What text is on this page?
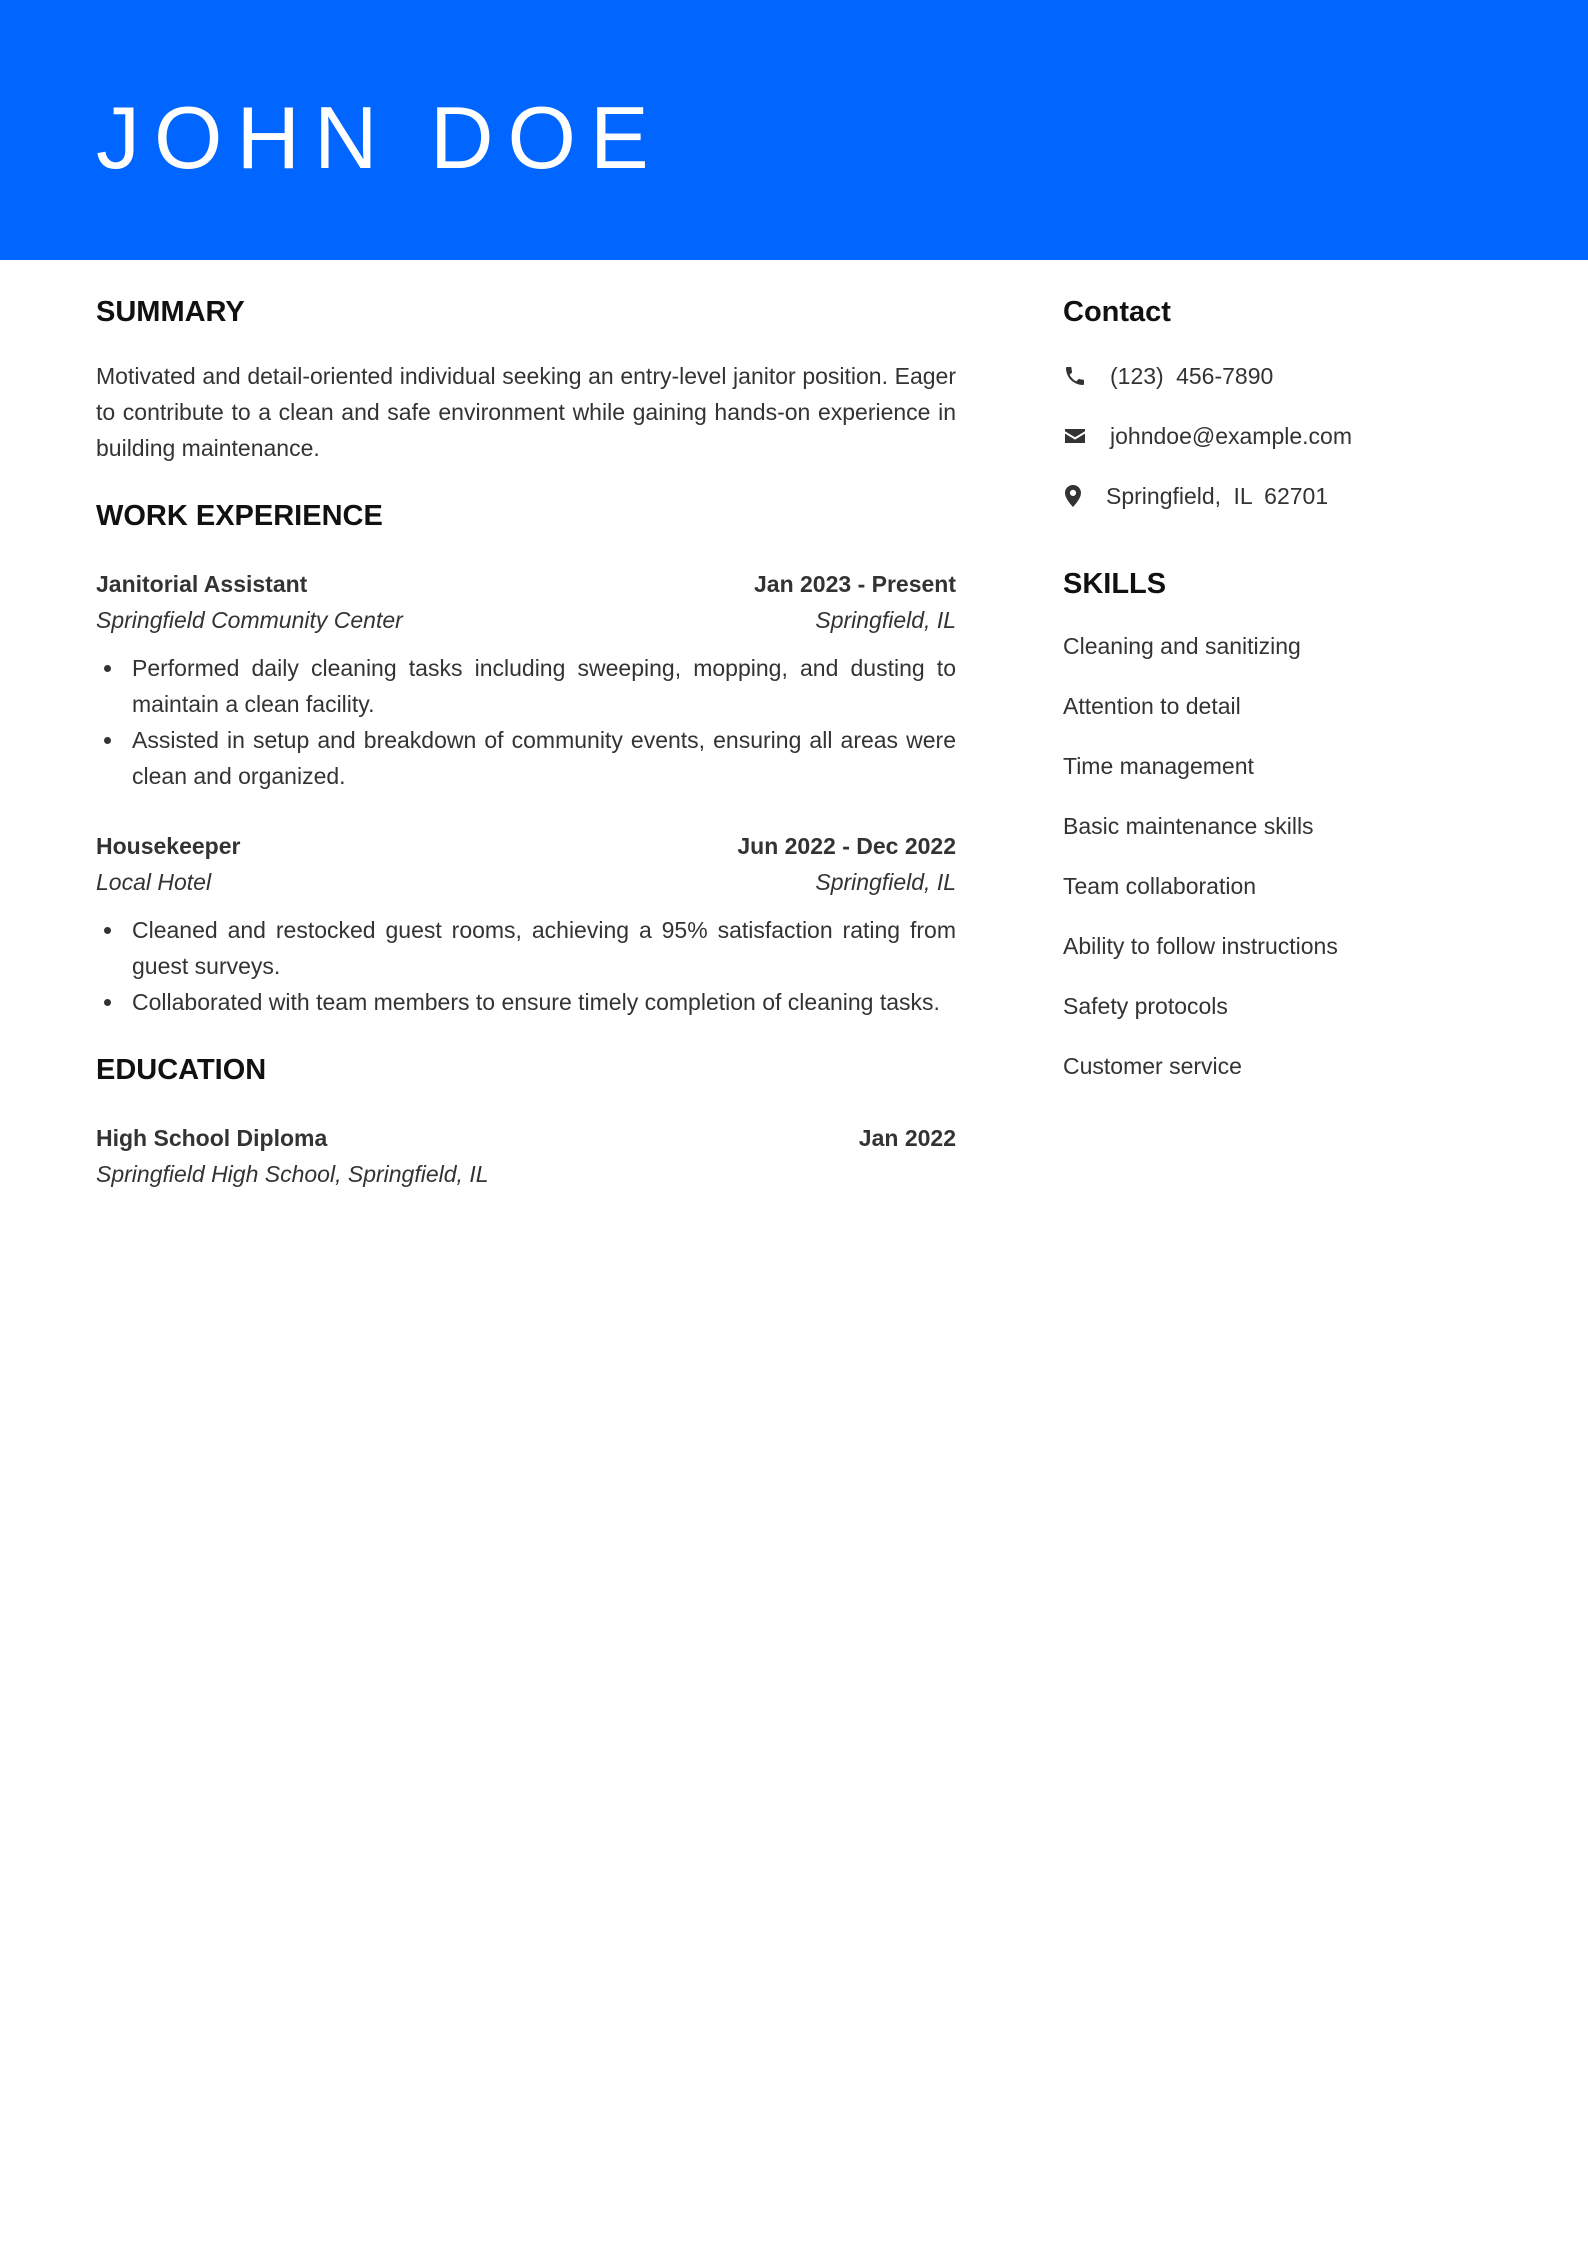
JOHN DOE
SUMMARY

Motivated and detail-oriented individual seeking an entry-level janitor position. Eager to contribute to a clean and safe environment while gaining hands-on experience in building maintenance.

WORK EXPERIENCE
Janitorial Assistant	Jan 2023 - Present
Springfield Community Center	Springfield, IL
Performed daily cleaning tasks including sweeping, mopping, and dusting to maintain a clean facility.
Assisted in setup and breakdown of community events, ensuring all areas were clean and organized.
Housekeeper	Jun 2022 - Dec 2022
Local Hotel	Springfield, IL
Cleaned and restocked guest rooms, achieving a 95% satisfaction rating from guest surveys.
Collaborated with team members to ensure timely completion of cleaning tasks.
EDUCATION
High School Diploma	Jan 2022
Springfield High School, Springfield, IL
Contact
(123) 456-7890
johndoe@example.com
Springfield, IL 62701
SKILLS
Cleaning and sanitizing
Attention to detail
Time management
Basic maintenance skills
Team collaboration
Ability to follow instructions
Safety protocols
Customer service
